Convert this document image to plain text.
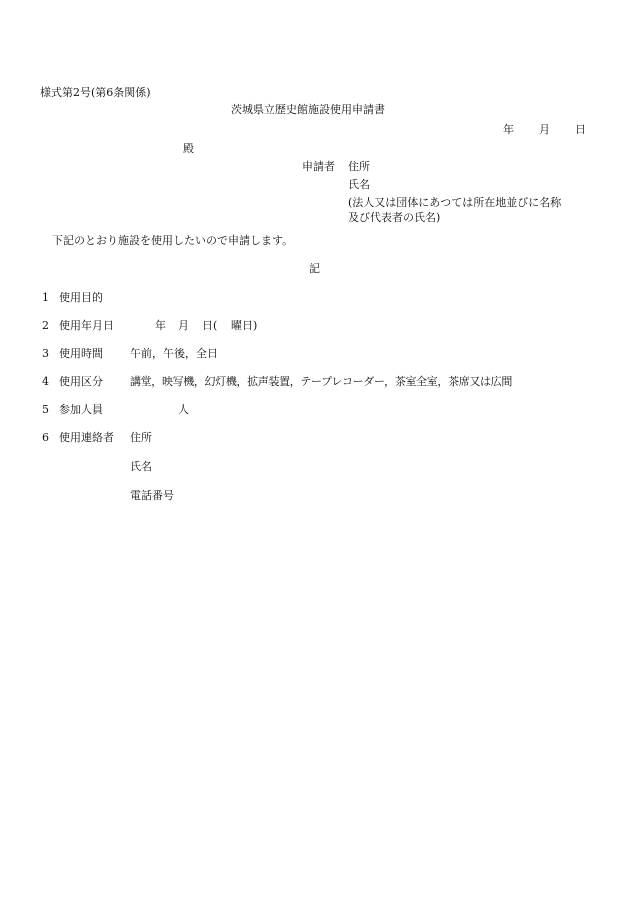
様式第2号(第6条関係)
茨城県立歴史館施設使用申請書
年 月 日
殿
申請者 住所
氏名
(法人又は団体にあつては所在地並びに名称
及び代表者の氏名)
下記のとおり施設を使用したいので申請します。
記
1 使用目的
2 使用年月日	年 月 日( 曜日)
3 使用時間 午前，午後，全日
4 使用区分 講堂，映写機，幻灯機，拡声装置，テープレコーダー，茶室全室，茶席又は広間
5 参加人員	人
6 使用連絡者 住所
氏名
電話番号
